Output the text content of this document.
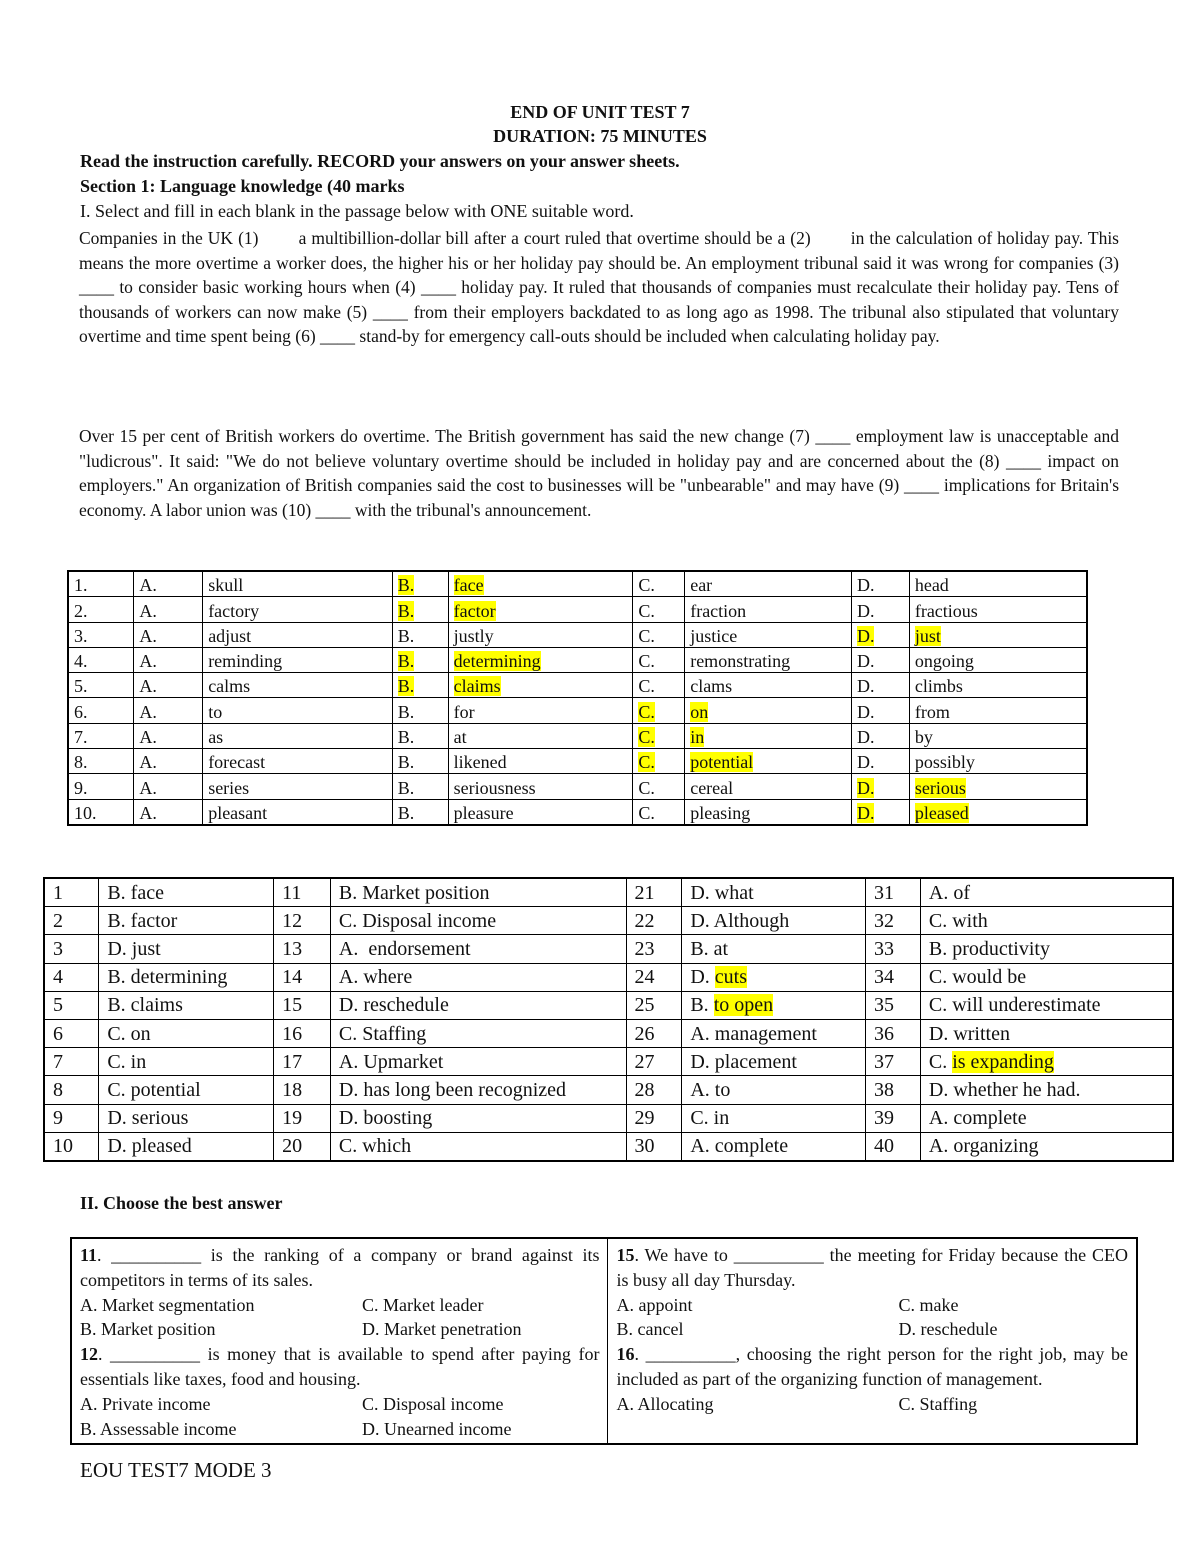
END OF UNIT TEST 7
DURATION: 75 MINUTES
Read the instruction carefully. RECORD your answers on your answer sheets.
Section 1: Language knowledge (40 marks
I. Select and fill in each blank in the passage below with ONE suitable word.
Companies in the UK (1)        a multibillion-dollar bill after a court ruled that overtime should be a (2)        in the calculation of holiday pay. This means the more overtime a worker does, the higher his or her holiday pay should be. An employment tribunal said it was wrong for companies (3) ____ to consider basic working hours when (4) ____ holiday pay. It ruled that thousands of companies must recalculate their holiday pay. Tens of thousands of workers can now make (5) ____ from their employers backdated to as long ago as 1998. The tribunal also stipulated that voluntary overtime and time spent being (6) ____ stand-by for emergency call-outs should be included when calculating holiday pay.
Over 15 per cent of British workers do overtime. The British government has said the new change (7) ____ employment law is unacceptable and "ludicrous". It said: "We do not believe voluntary overtime should be included in holiday pay and are concerned about the (8) ____ impact on employers." An organization of British companies said the cost to businesses will be "unbearable" and may have (9) ____ implications for Britain's economy. A labor union was (10) ____ with the tribunal's announcement.
1.	A.	skull	B.	face	C.	ear	D.	head
2.	A.	factory	B.	factor	C.	fraction	D.	fractious
3.	A.	adjust	B.	justly	C.	justice	D.	just
4.	A.	reminding	B.	determining	C.	remonstrating	D.	ongoing
5.	A.	calms	B.	claims	C.	clams	D.	climbs
6.	A.	to	B.	for	C.	on	D.	from
7.	A.	as	B.	at	C.	in	D.	by
8.	A.	forecast	B.	likened	C.	potential	D.	possibly
9.	A.	series	B.	seriousness	C.	cereal	D.	serious
10.	A.	pleasant	B.	pleasure	C.	pleasing	D.	pleased
1	B. face	11	B. Market position	21	D. what	31	A. of
2	B. factor	12	C. Disposal income	22	D. Although	32	C. with
3	D. just	13	A.  endorsement	23	B. at	33	B. productivity
4	B. determining	14	A. where	24	D. cuts	34	C. would be
5	B. claims	15	D. reschedule	25	B. to open	35	C. will underestimate
6	C. on	16	C. Staffing	26	A. management	36	D. written
7	C. in	17	A. Upmarket	27	D. placement	37	C. is expanding
8	C. potential	18	D. has long been recognized	28	A. to	38	D. whether he had.
9	D. serious	19	D. boosting	29	C. in	39	A. complete
10	D. pleased	20	C. which	30	A. complete	40	A. organizing
II. Choose the best answer
11. __________ is the ranking of a company or brand against its competitors in terms of its sales.
A. Market segmentation	C. Market leader
B. Market position	D. Market penetration
12. __________ is money that is available to spend after paying for essentials like taxes, food and housing.
A. Private income	C. Disposal income
B. Assessable income	D. Unearned income

15. We have to __________ the meeting for Friday because the CEO is busy all day Thursday.
A. appoint	C. make
B. cancel	D. reschedule
16. __________, choosing the right person for the right job, may be included as part of the organizing function of management.
A. Allocating	C. Staffing
EOU TEST7 MODE 3
